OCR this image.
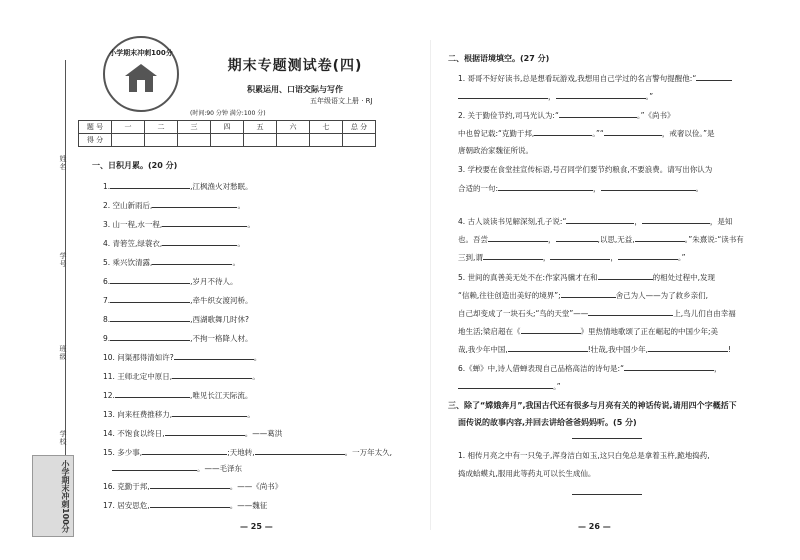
姓名
学号
班级
学校
小学期末冲刺100分
小学期末冲刺100分
期末专题测试卷(四)
积累运用、口语交际与写作
五年级语文上册 · RJ
(时间:90 分钟 满分:100 分)
题 号	一	二	三	四	五	六	七	总 分
得 分								
一、日积月累。(20 分)
1.	,江枫渔火对愁眠。
2. 空山新雨后,	。
3. 山一程,水一程,	。
4. 青箬笠,绿蓑衣,	。
5. 乘兴饮清露,	。
6.	,岁月不待人。
7.	,牵牛织女渡河桥。
8.	,西湖歌舞几时休?
9.	,不拘一格降人材。
10. 问渠那得清如许?	。
11. 王师北定中原日,	。
12.	,唯见长江天际流。
13. 向来枉费推移力,	。
14. 不饱食以终日,	。——葛洪
15. 多少事,	;天地转,	。一万年太久,
。——毛泽东
16. 克勤于邦,	。——《尚书》
17. 居安思危,	。——魏征
— 25 —
二、根据语境填空。(27 分)
1. 哥哥不好好读书,总是想看玩游戏,我想用自己学过的名言警句提醒他:“
，	。”
2. 关于勤俭节约,司马光认为:“	。”《尚书》
中也曾记载:“克勤于邦,	。”“	，戒奢以俭。”是
唐朝政治家魏征所说。
3. 学校要在食堂挂宣传标语,号召同学们要节约粮食,不要浪费。请写出你认为
合适的一句:	，	。
4. 古人谈读书见解深刻,孔子说:“	，	，是知
也。吾尝	，	,以思,无益,	。”朱熹说:“读书有
三到,谓	，	，	。”
5. 世间的真善美无处不在:作家冯骥才在和	的相处过程中,发现
“信赖,往往创造出美好的境界”;	舍己为人——为了救乡亲们,
自己却变成了一块石头;“鸟的天堂”——	上,鸟儿们自由幸福
地生活;梁启超在《	》里热情地歌颂了正在崛起的中国少年;美
哉,我少年中国,	!壮哉,我中国少年,	!
6.《蝉》中,诗人借蝉表现自己品格高洁的诗句是:“	，
。”
三、除了“嫦娥奔月”,我国古代还有很多与月亮有关的神话传说,请用四个字概括下
面传说的故事内容,并回去讲给爸爸妈妈听。(5 分)
1. 相传月亮之中有一只兔子,浑身洁白如玉,这只白兔总是拿着玉杵,跪地捣药,
捣成蛤蟆丸,服用此等药丸可以长生成仙。
— 26 —
